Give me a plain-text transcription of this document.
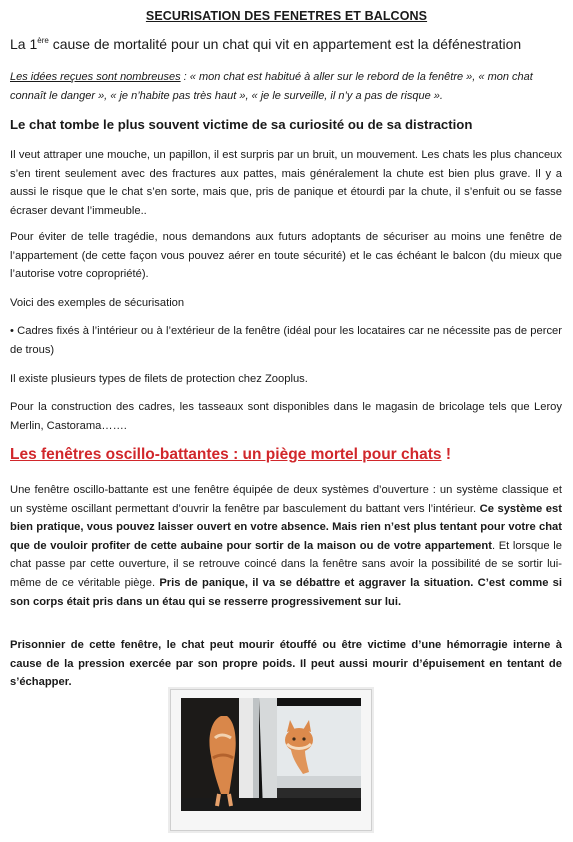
SECURISATION DES FENETRES ET BALCONS
La 1ère cause de mortalité pour un chat qui vit en appartement est la défénestration
Les idées reçues sont nombreuses : « mon chat est habitué à aller sur le rebord de la fenêtre », « mon chat connaît le danger », « je n’habite pas très haut », « je le surveille, il n’y a pas de risque ».
Le chat tombe le plus souvent victime de sa curiosité ou de sa distraction
Il veut attraper une mouche, un papillon, il est surpris par un bruit, un mouvement. Les chats les plus chanceux s’en tirent seulement avec des fractures aux pattes, mais généralement la chute est bien plus grave. Il y a aussi le risque que le chat s’en sorte, mais que, pris de panique et étourdi par la chute, il s’enfuit ou se fasse écraser devant l’immeuble..
Pour éviter de telle tragédie, nous demandons aux futurs adoptants de sécuriser au moins une fenêtre de l’appartement (de cette façon vous pouvez aérer en toute sécurité) et le cas échéant le balcon (du mieux que l’autorise votre copropriété).
Voici des exemples de sécurisation
• Cadres fixés à l’intérieur ou à l’extérieur de la fenêtre (idéal pour les locataires car ne nécessite pas de percer de trous)
Il existe plusieurs types de filets de protection chez Zooplus.
Pour la construction des cadres, les tasseaux sont disponibles dans le magasin de bricolage tels que Leroy Merlin, Castorama…….
Les fenêtres oscillo-battantes : un piège mortel pour chats !
Une fenêtre oscillo-battante est une fenêtre équipée de deux systèmes d’ouverture : un système classique et un système oscillant permettant d’ouvrir la fenêtre par basculement du battant vers l’intérieur. Ce système est bien pratique, vous pouvez laisser ouvert en votre absence. Mais rien n’est plus tentant pour votre chat que de vouloir profiter de cette aubaine pour sortir de la maison ou de votre appartement. Et lorsque le chat passe par cette ouverture, il se retrouve coincé dans la fenêtre sans avoir la possibilité de se sortir lui-même de ce véritable piège. Pris de panique, il va se débattre et aggraver la situation. C’est comme si son corps était pris dans un étau qui se resserre progressivement sur lui.
Prisonnier de cette fenêtre, le chat peut mourir étouffé ou être victime d’une hémorragie interne à cause de la pression exercée par son propre poids. Il peut aussi mourir d’épuisement en tentant de s’échapper.
